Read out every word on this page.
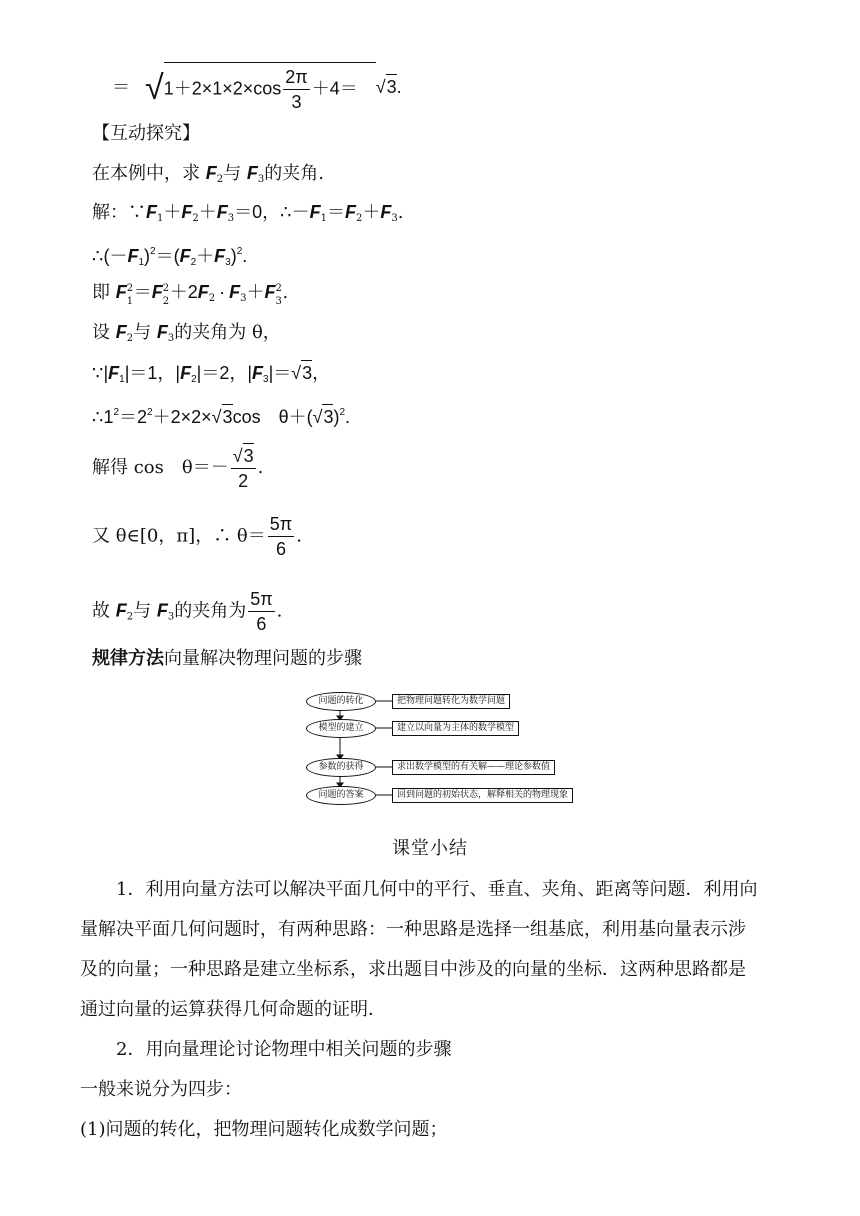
＝ $√1+2\times 1\times 2\times\cos \frac{2\pi}{3} +4= √3$.
【互动探究】
在本例中，求 $F_2$与 $F_3$的夹角.
解：$\because F_1+F_2+F_3=0$，$\therefore-F_1=F_2+F_3$.
$\therefore(-F_1)^2=(F_2+F_3)^2$.
即 F 2
1 ＝F 2
$2 +2F_2 \cdot F_3+F$ 2
3 .
设 $F_2$与 $F_3$的夹角为 θ，
$\because|F_1|=1$，$|F_2|=2$，$|F_3|=√3$，
$\therefore 1^2=2^2+2\times 2\times√3\cos$　$\theta+(√3)^2$.
解得 cos　$\theta=- \frac{√3}{2}$ .
又 θ∈[0，π]，∴ $\theta= \frac{5\pi}{6}$ .
故 $F_2$与 $F_3$的夹角为 $\frac{5\pi}{6}$ .
规律方法向量解决物理问题的步骤
问题的转化	把物理问题转化为数学问题
模型的建立	建立以向量为主体的数学模型
参数的获得	求出数学模型的有关解——理论参数值
问题的答案	回到问题的初始状态，解释相关的物理现象
课堂小结
1．利用向量方法可以解决平面几何中的平行、垂直、夹角、距离等问题．利用向
量解决平面几何问题时，有两种思路：一种思路是选择一组基底，利用基向量表示涉
及的向量；一种思路是建立坐标系，求出题目中涉及的向量的坐标．这两种思路都是
通过向量的运算获得几何命题的证明．
2．用向量理论讨论物理中相关问题的步骤
一般来说分为四步：
(1)问题的转化，把物理问题转化成数学问题；
